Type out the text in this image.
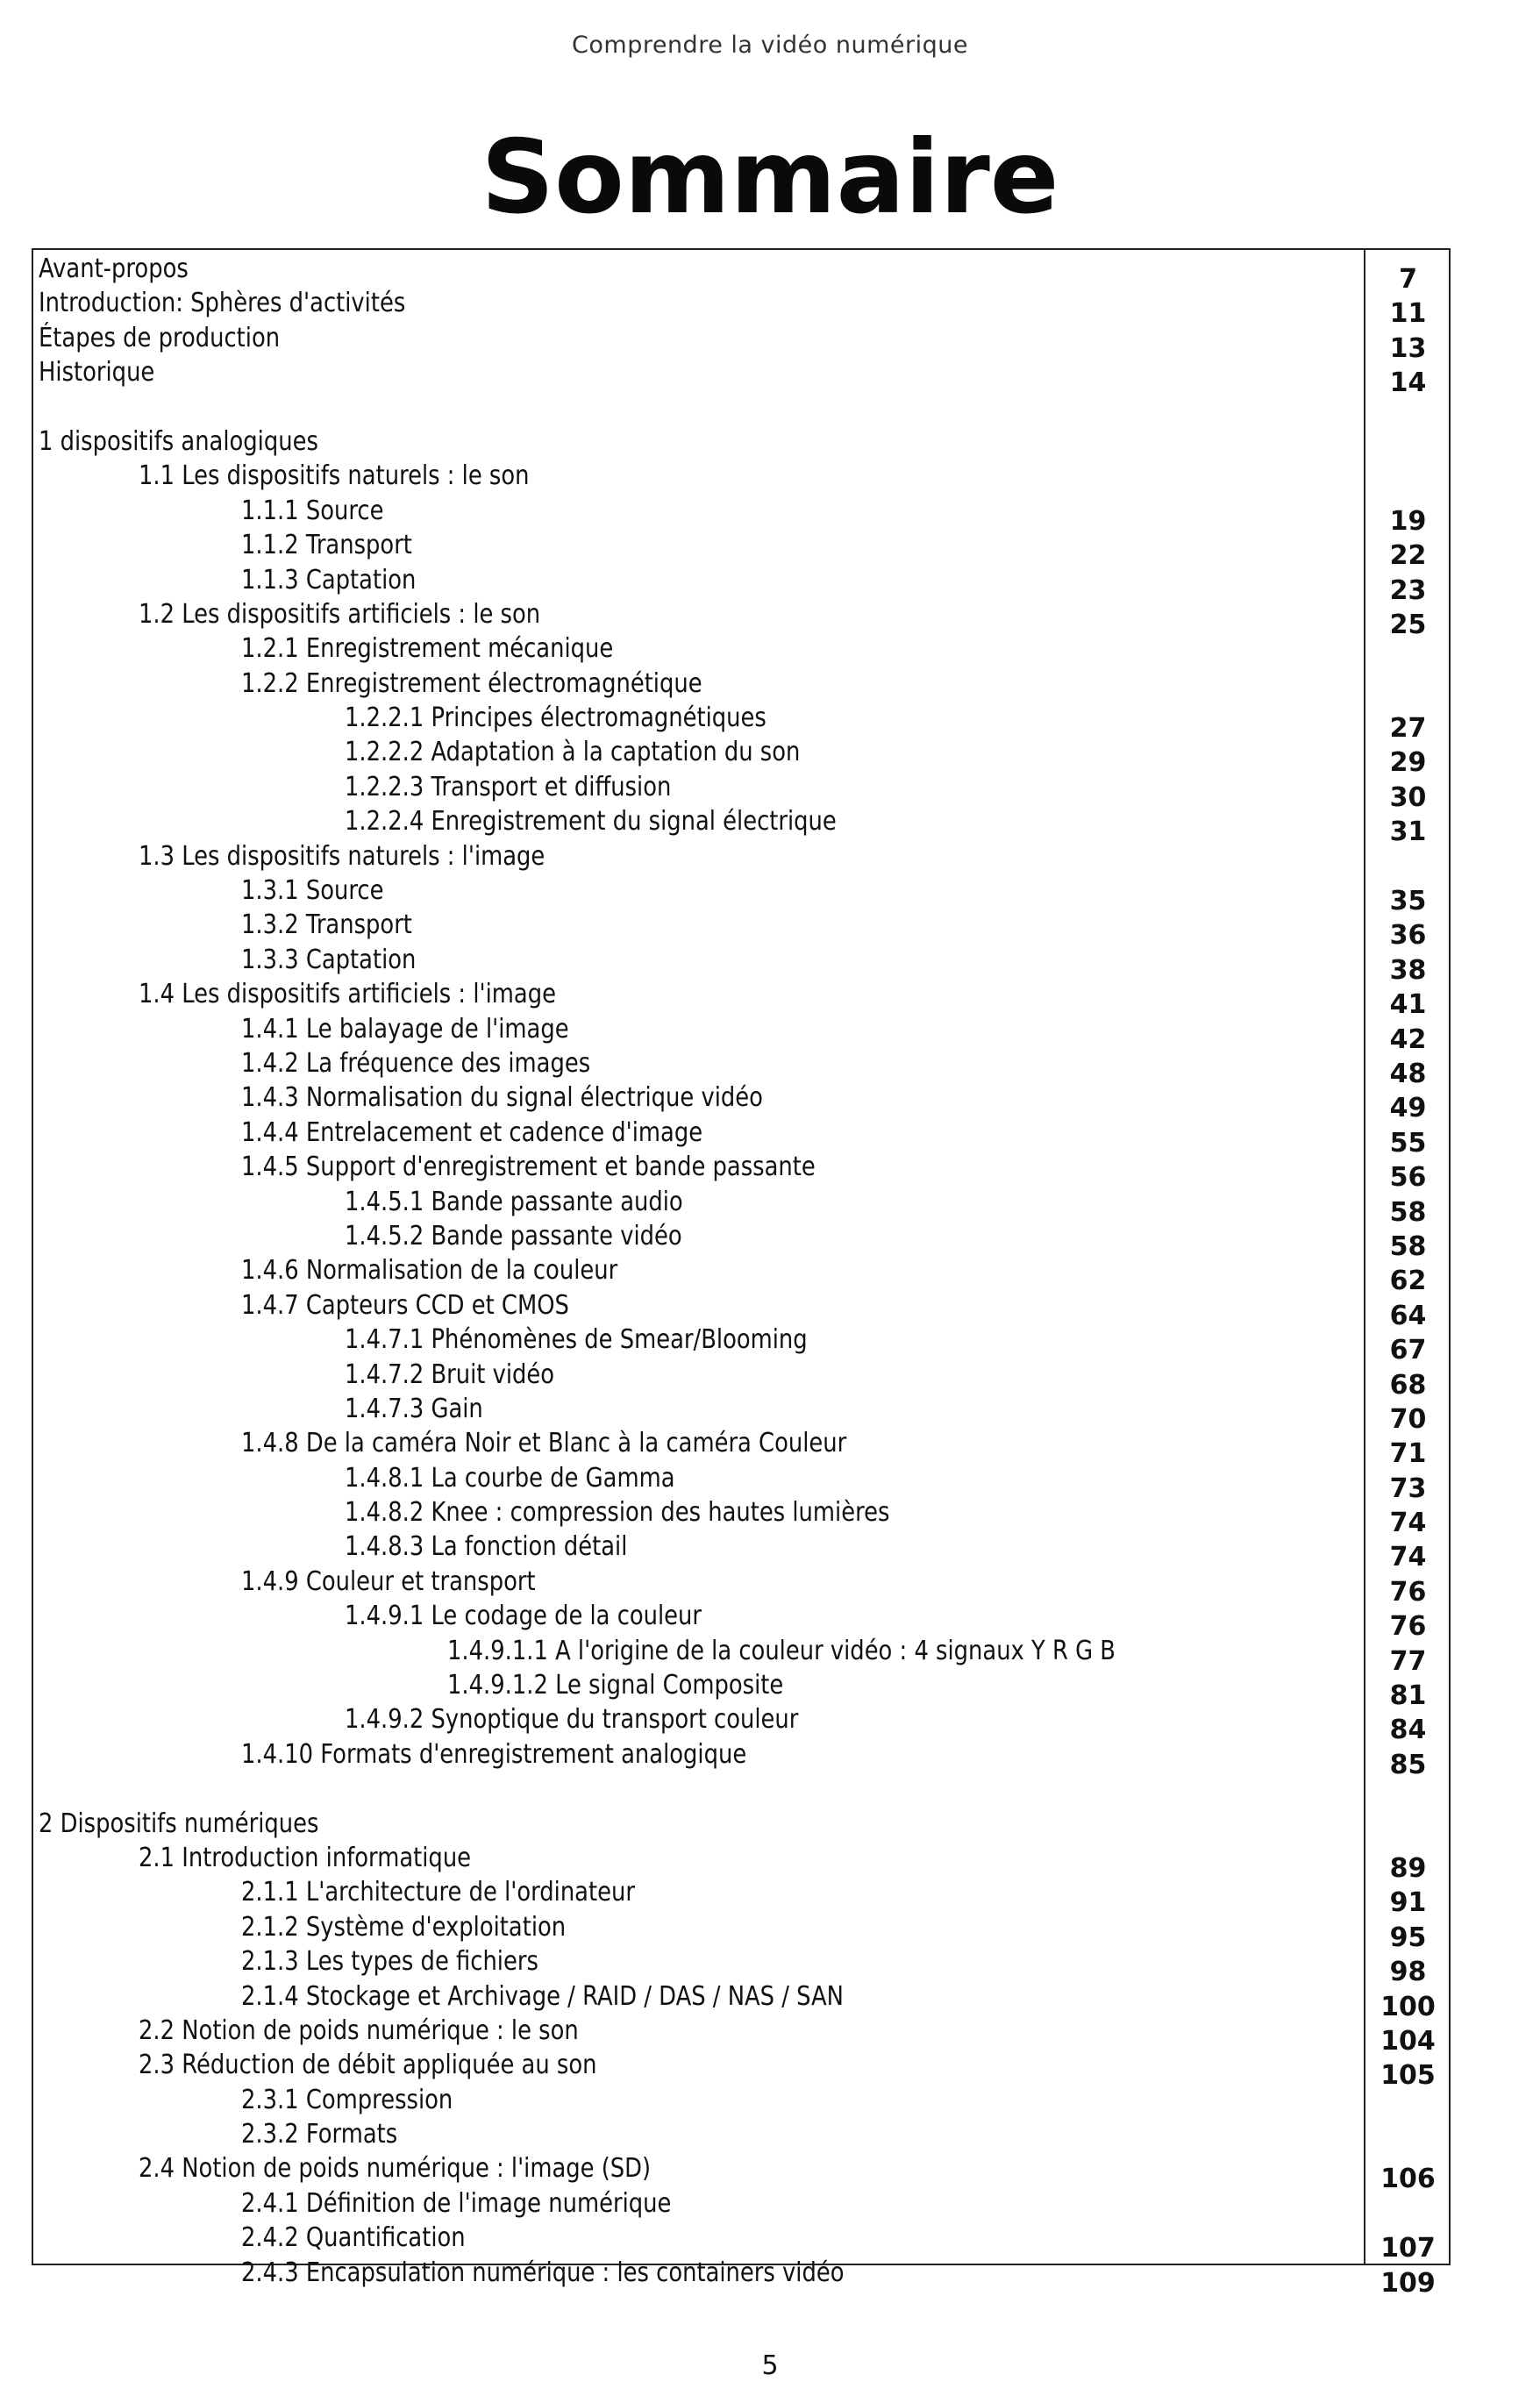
Comprendre la vidéo numérique
Sommaire
Avant-propos	7
Introduction: Sphères d'activités	11
Étapes de production	13
Historique	14
1 dispositifs analogiques
1.1 Les dispositifs naturels : le son
1.1.1 Source	19
1.1.2 Transport	22
1.1.3 Captation	23
1.2 Les dispositifs artificiels : le son	25
1.2.1 Enregistrement mécanique
1.2.2 Enregistrement électromagnétique
1.2.2.1 Principes électromagnétiques	27
1.2.2.2 Adaptation à la captation du son	29
1.2.2.3 Transport et diffusion	30
1.2.2.4 Enregistrement du signal électrique	31
1.3 Les dispositifs naturels : l'image
1.3.1 Source	35
1.3.2 Transport	36
1.3.3 Captation	38
1.4 Les dispositifs artificiels : l'image	41
1.4.1 Le balayage de l'image	42
1.4.2 La fréquence des images	48
1.4.3 Normalisation du signal électrique vidéo	49
1.4.4 Entrelacement et cadence d'image	55
1.4.5 Support d'enregistrement et bande passante	56
1.4.5.1 Bande passante audio	58
1.4.5.2 Bande passante vidéo	58
1.4.6 Normalisation de la couleur	62
1.4.7 Capteurs CCD et CMOS	64
1.4.7.1 Phénomènes de Smear/Blooming	67
1.4.7.2 Bruit vidéo	68
1.4.7.3 Gain	70
1.4.8 De la caméra Noir et Blanc à la caméra Couleur	71
1.4.8.1 La courbe de Gamma	73
1.4.8.2 Knee : compression des hautes lumières	74
1.4.8.3 La fonction détail	74
1.4.9 Couleur et transport	76
1.4.9.1 Le codage de la couleur	76
1.4.9.1.1 A l'origine de la couleur vidéo : 4 signaux Y R G B	77
1.4.9.1.2 Le signal Composite	81
1.4.9.2 Synoptique du transport couleur	84
1.4.10 Formats d'enregistrement analogique	85
2 Dispositifs numériques
2.1 Introduction informatique	89
2.1.1 L'architecture de l'ordinateur	91
2.1.2 Système d'exploitation	95
2.1.3 Les types de fichiers	98
2.1.4 Stockage et Archivage / RAID / DAS / NAS / SAN	100
2.2 Notion de poids numérique : le son	104
2.3 Réduction de débit appliquée au son	105
2.3.1 Compression
2.3.2 Formats
2.4 Notion de poids numérique : l'image (SD)	106
2.4.1 Définition de l'image numérique
2.4.2 Quantification	107
2.4.3 Encapsulation numérique : les containers vidéo	109
5
